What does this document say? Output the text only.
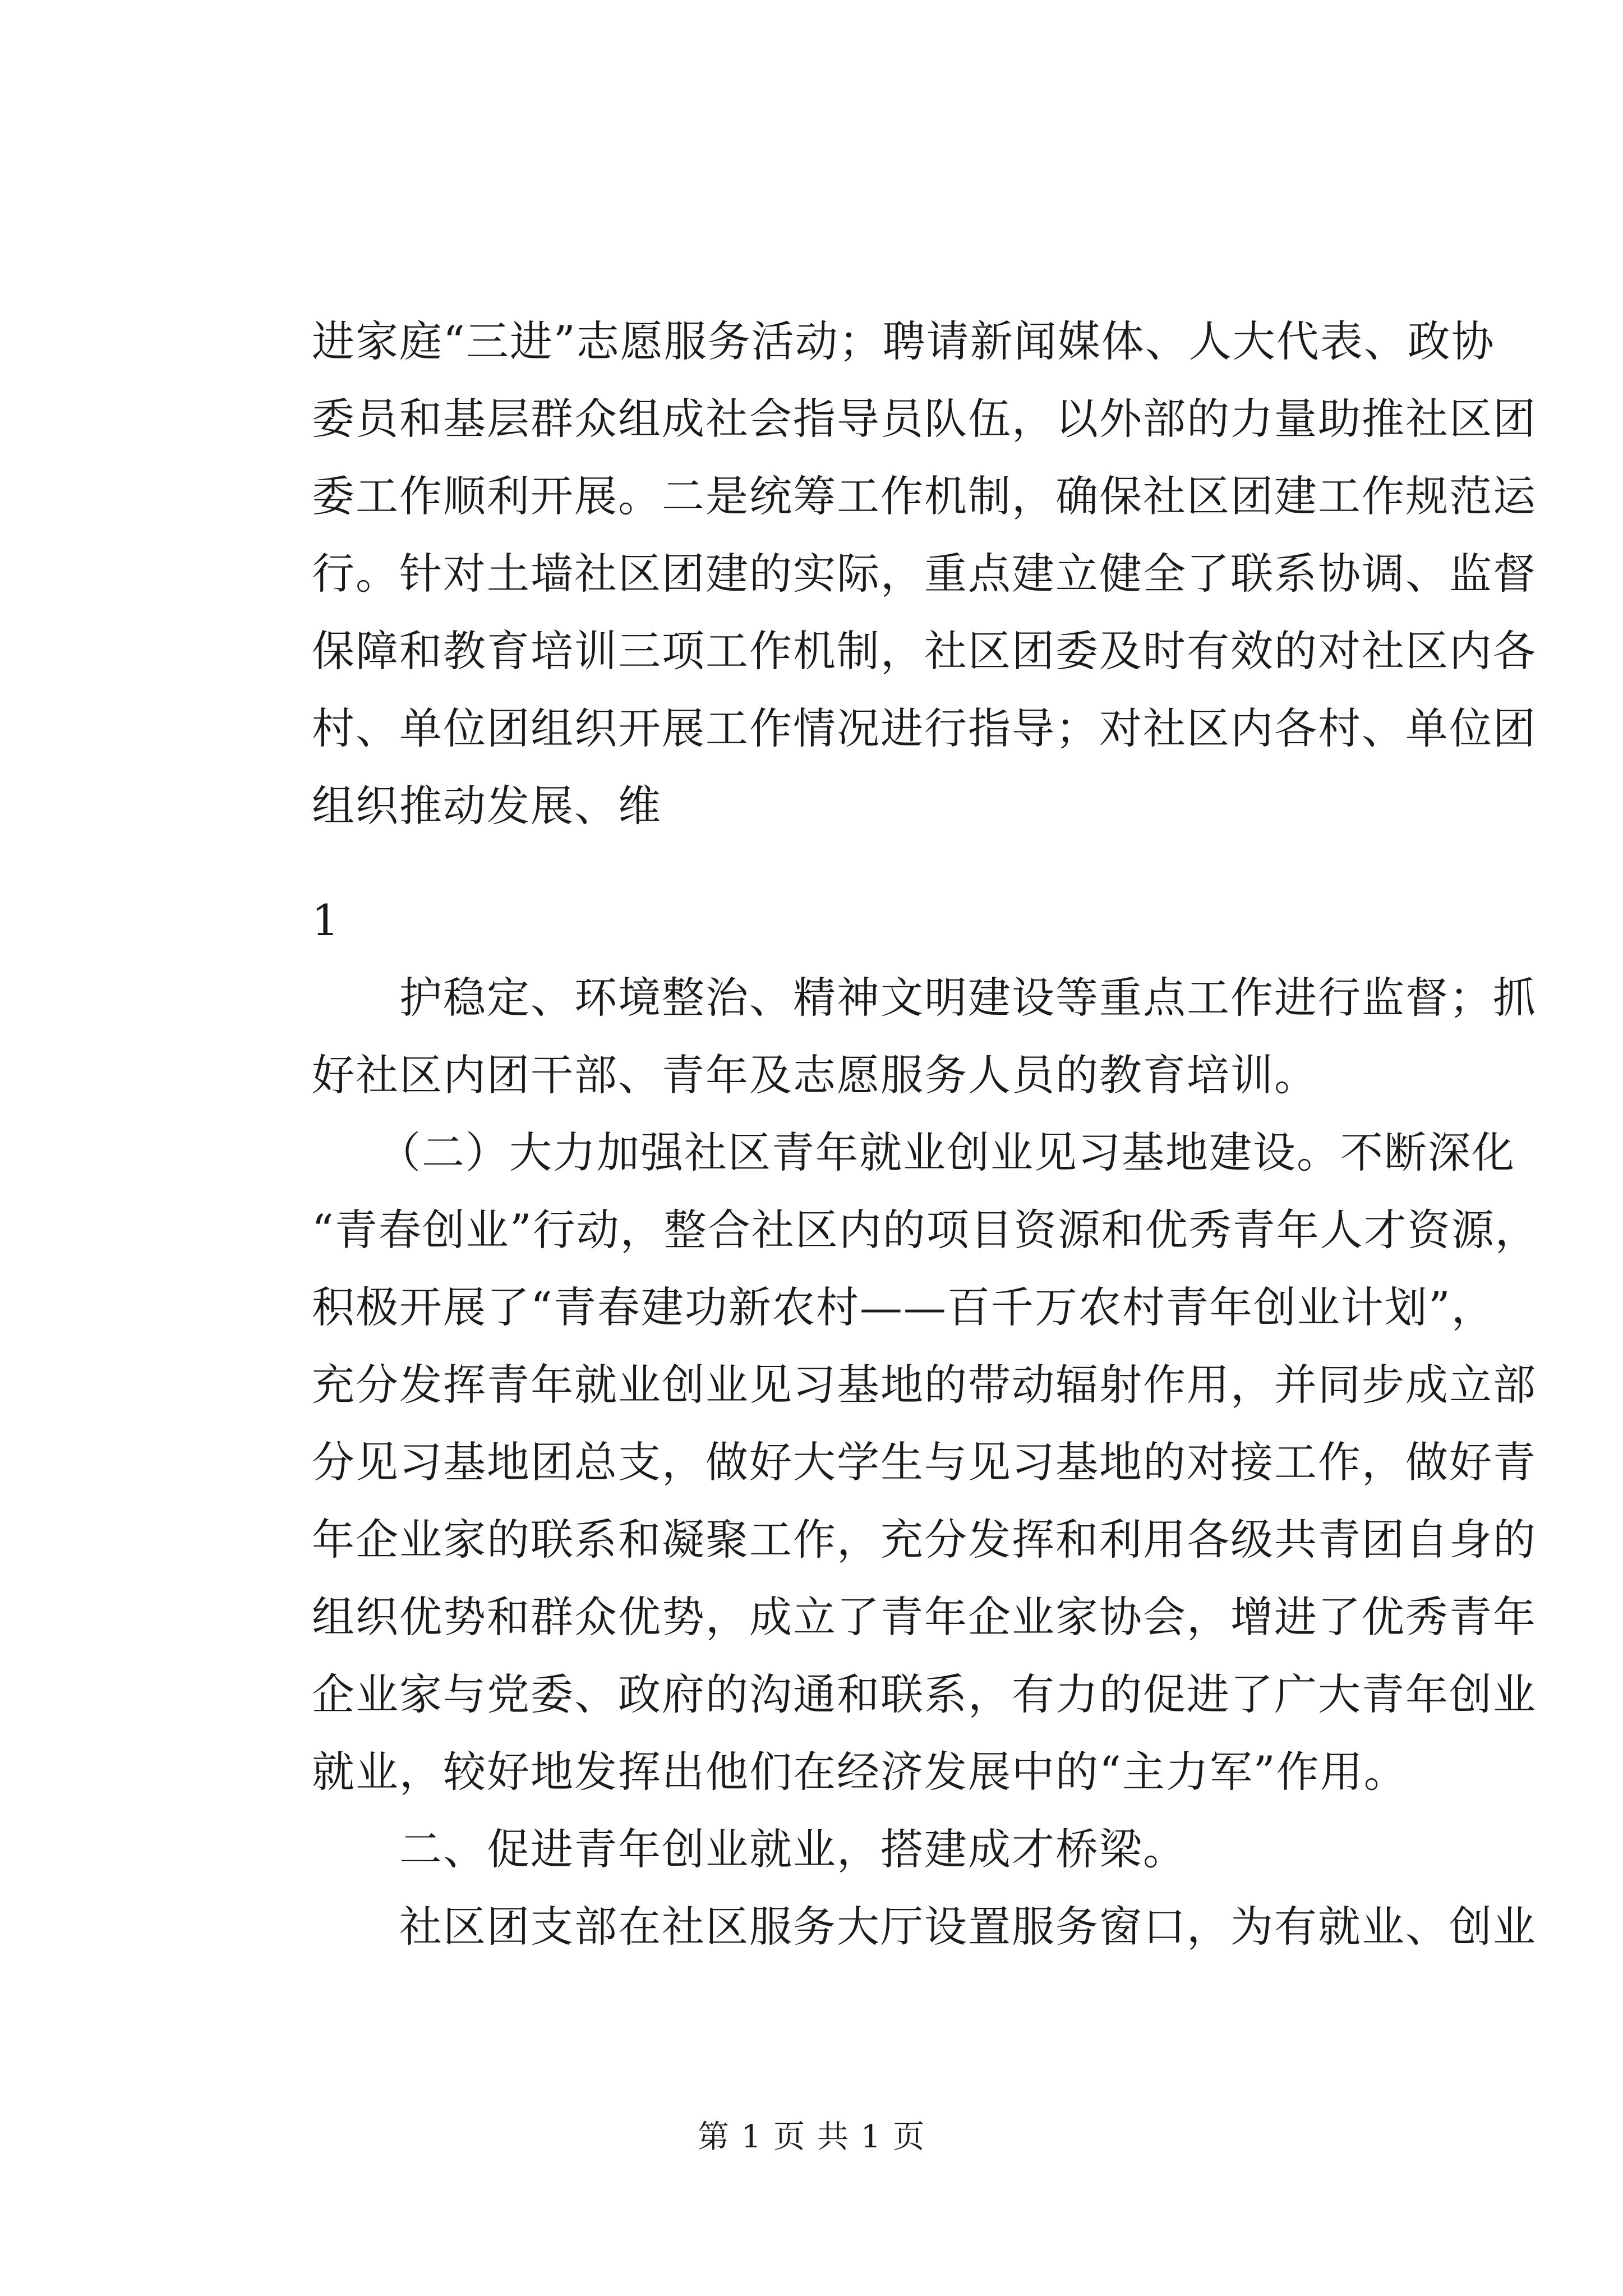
进家庭“三进”志愿服务活动；聘请新闻媒体、人大代表、政协
委员和基层群众组成社会指导员队伍，以外部的力量助推社区团
委工作顺利开展。二是统筹工作机制，确保社区团建工作规范运
行。针对土墙社区团建的实际，重点建立健全了联系协调、监督
保障和教育培训三项工作机制，社区团委及时有效的对社区内各
村、单位团组织开展工作情况进行指导；对社区内各村、单位团
组织推动发展、维
1
　　护稳定、环境整治、精神文明建设等重点工作进行监督；抓
好社区内团干部、青年及志愿服务人员的教育培训。
　　（二）大力加强社区青年就业创业见习基地建设。不断深化
“青春创业”行动，整合社区内的项目资源和优秀青年人才资源，
积极开展了“青春建功新农村——百千万农村青年创业计划”，
充分发挥青年就业创业见习基地的带动辐射作用，并同步成立部
分见习基地团总支，做好大学生与见习基地的对接工作，做好青
年企业家的联系和凝聚工作，充分发挥和利用各级共青团自身的
组织优势和群众优势，成立了青年企业家协会，增进了优秀青年
企业家与党委、政府的沟通和联系，有力的促进了广大青年创业
就业，较好地发挥出他们在经济发展中的“主力军”作用。
　　二、促进青年创业就业，搭建成才桥梁。
　　社区团支部在社区服务大厅设置服务窗口，为有就业、创业
第 1 页 共 1 页
